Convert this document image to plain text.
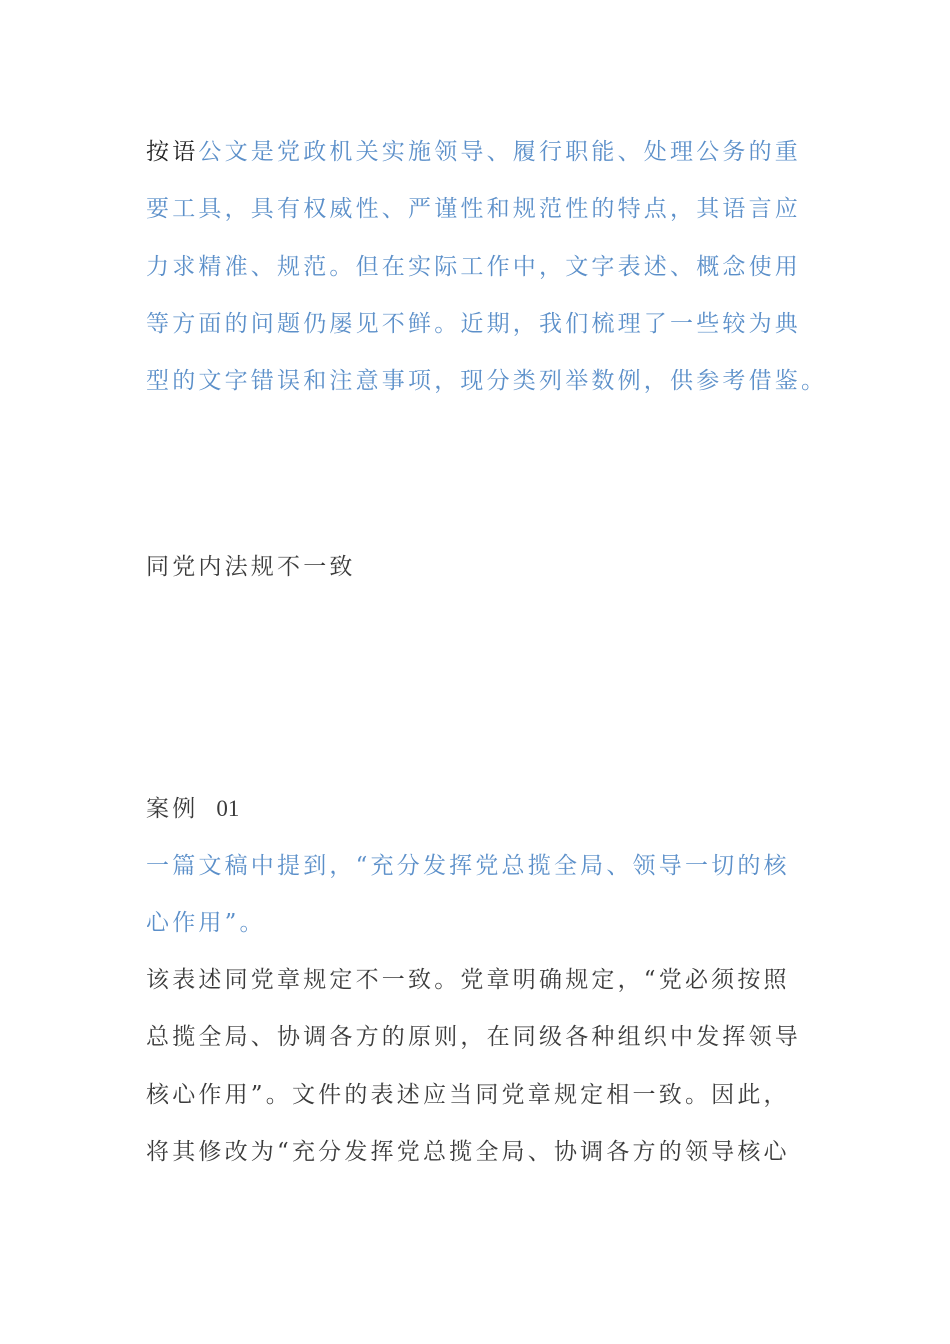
按语公文是党政机关实施领导、履行职能、处理公务的重

要工具，具有权威性、严谨性和规范性的特点，其语言应

力求精准、规范。但在实际工作中，文字表述、概念使用

等方面的问题仍屡见不鲜。近期，我们梳理了一些较为典

型的文字错误和注意事项，现分类列举数例，供参考借鉴。

同党内法规不一致

案例 01

一篇文稿中提到，“充分发挥党总揽全局、领导一切的核

心作用”。

该表述同党章规定不一致。党章明确规定，“党必须按照

总揽全局、协调各方的原则，在同级各种组织中发挥领导

核心作用”。文件的表述应当同党章规定相一致。因此，

将其修改为“充分发挥党总揽全局、协调各方的领导核心
